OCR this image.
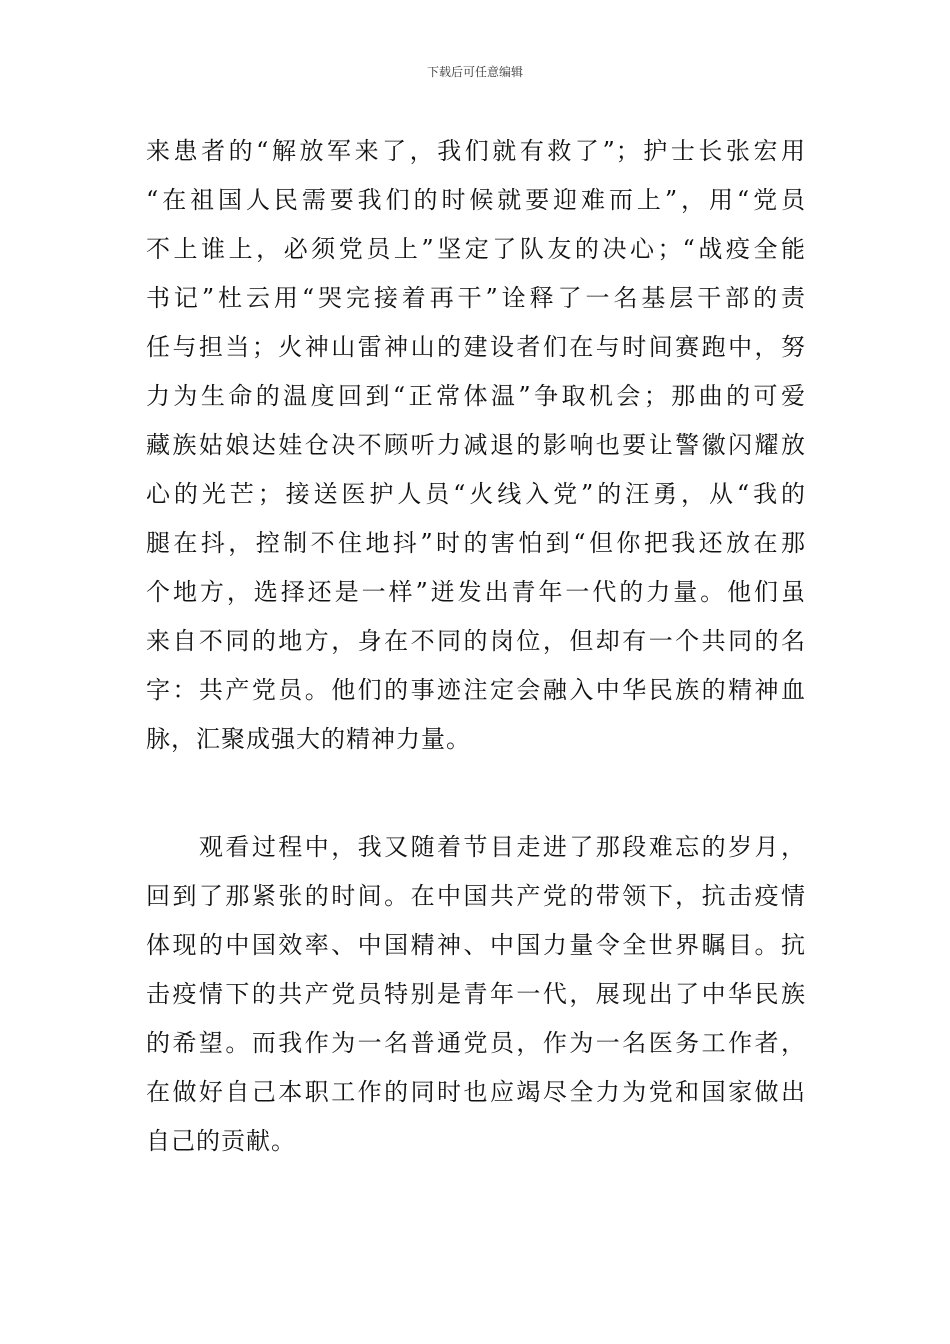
下载后可任意编辑
来患者的“解放军来了，我们就有救了”；护士长张宏用
“在祖国人民需要我们的时候就要迎难而上”，用“党员
不上谁上，必须党员上”坚定了队友的决心；“战疫全能
书记”杜云用“哭完接着再干”诠释了一名基层干部的责
任与担当；火神山雷神山的建设者们在与时间赛跑中，努
力为生命的温度回到“正常体温”争取机会；那曲的可爱
藏族姑娘达娃仓决不顾听力减退的影响也要让警徽闪耀放
心的光芒；接送医护人员“火线入党”的汪勇，从“我的
腿在抖，控制不住地抖”时的害怕到“但你把我还放在那
个地方，选择还是一样”迸发出青年一代的力量。他们虽
来自不同的地方，身在不同的岗位，但却有一个共同的名
字：共产党员。他们的事迹注定会融入中华民族的精神血
脉，汇聚成强大的精神力量。
　　观看过程中，我又随着节目走进了那段难忘的岁月，
回到了那紧张的时间。在中国共产党的带领下，抗击疫情
体现的中国效率、中国精神、中国力量令全世界瞩目。抗
击疫情下的共产党员特别是青年一代，展现出了中华民族
的希望。而我作为一名普通党员，作为一名医务工作者，
在做好自己本职工作的同时也应竭尽全力为党和国家做出
自己的贡献。
